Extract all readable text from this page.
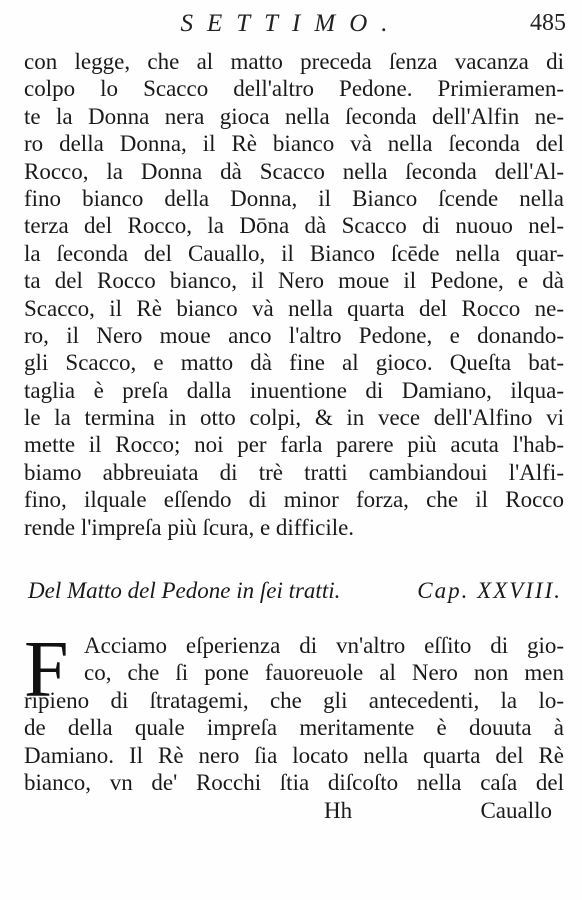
SETTIMO.	485
con legge, che al matto preceda ſenza vacanza di
colpo lo Scacco dell'altro Pedone. Primieramen-
te la Donna nera gioca nella ſeconda dell'Alfin ne-
ro della Donna, il Rè bianco và nella ſeconda del
Rocco, la Donna dà Scacco nella ſeconda dell'Al-
fino bianco della Donna, il Bianco ſcende nella
terza del Rocco, la Dōna dà Scacco di nuouo nel-
la ſeconda del Cauallo, il Bianco ſcēde nella quar-
ta del Rocco bianco, il Nero moue il Pedone, e dà
Scacco, il Rè bianco và nella quarta del Rocco ne-
ro, il Nero moue anco l'altro Pedone, e donando-
gli Scacco, e matto dà fine al gioco. Queſta bat-
taglia è preſa dalla inuentione di Damiano, ilqua-
le la termina in otto colpi, & in vece dell'Alfino vi
mette il Rocco; noi per farla parere più acuta l'hab-
biamo abbreuiata di trè tratti cambiandoui l'Alfi-
fino, ilquale eſſendo di minor forza, che il Rocco
rende l'impreſa più ſcura, e difficile.
Del Matto del Pedone in ſei tratti.	Cap. XXVIII.
F Acciamo eſperienza di vn'altro eſſito di gio-
co, che ſi pone fauoreuole al Nero non men
ripieno di ſtratagemi, che gli antecedenti, la lo-
de della quale impreſa meritamente è douuta à
Damiano. Il Rè nero ſia locato nella quarta del Rè
bianco, vn de' Rocchi ſtia diſcoſto nella caſa del
Hh	Cauallo
